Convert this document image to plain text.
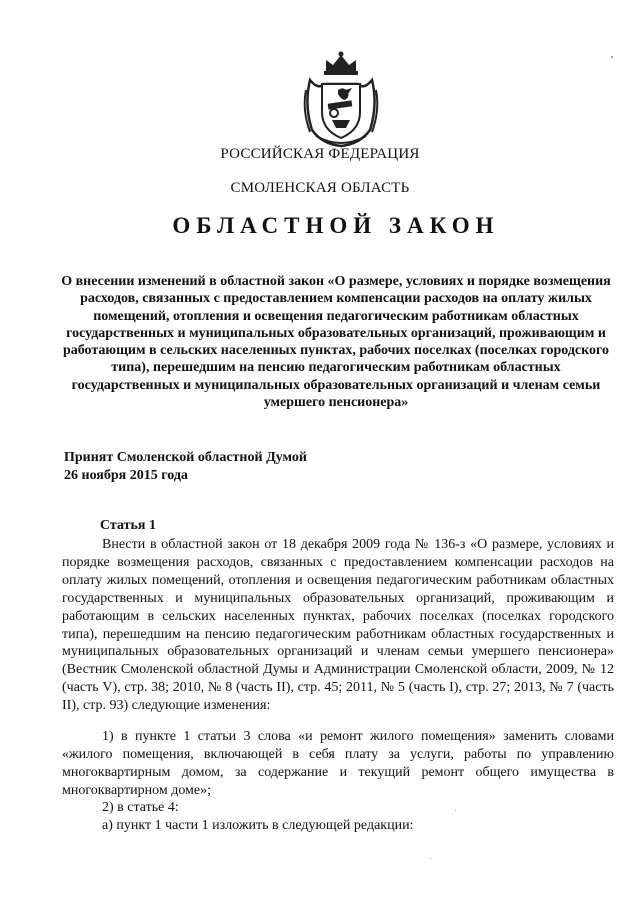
РОССИЙСКАЯ ФЕДЕРАЦИЯ
СМОЛЕНСКАЯ ОБЛАСТЬ
ОБЛАСТНОЙ ЗАКОН
О внесении изменений в областной закон «О размере, условиях и порядке возмещения расходов, связанных с предоставлением компенсации расходов на оплату жилых помещений, отопления и освещения педагогическим работникам областных государственных и муниципальных образовательных организаций, проживающим и работающим в сельских населенных пунктах, рабочих поселках (поселках городского типа), перешедшим на пенсию педагогическим работникам областных государственных и муниципальных образовательных организаций и членам семьи умершего пенсионера»
Принят Смоленской областной Думой
26 ноября 2015 года
Статья 1
Внести в областной закон от 18 декабря 2009 года № 136-з «О размере, условиях и порядке возмещения расходов, связанных с предоставлением компенсации расходов на оплату жилых помещений, отопления и освещения педагогическим работникам областных государственных и муниципальных образовательных организаций, проживающим и работающим в сельских населенных пунктах, рабочих поселках (поселках городского типа), перешедшим на пенсию педагогическим работникам областных государственных и муниципальных образовательных организаций и членам семьи умершего пенсионера» (Вестник Смоленской областной Думы и Администрации Смоленской области, 2009, № 12 (часть V), стр. 38; 2010, № 8 (часть II), стр. 45; 2011, № 5 (часть I), стр. 27; 2013, № 7 (часть II), стр. 93) следующие изменения:
1) в пункте 1 статьи 3 слова «и ремонт жилого помещения» заменить словами «жилого помещения, включающей в себя плату за услуги, работы по управлению многоквартирным домом, за содержание и текущий ремонт общего имущества в многоквартирном доме»;
2) в статье 4:
а) пункт 1 части 1 изложить в следующей редакции:
